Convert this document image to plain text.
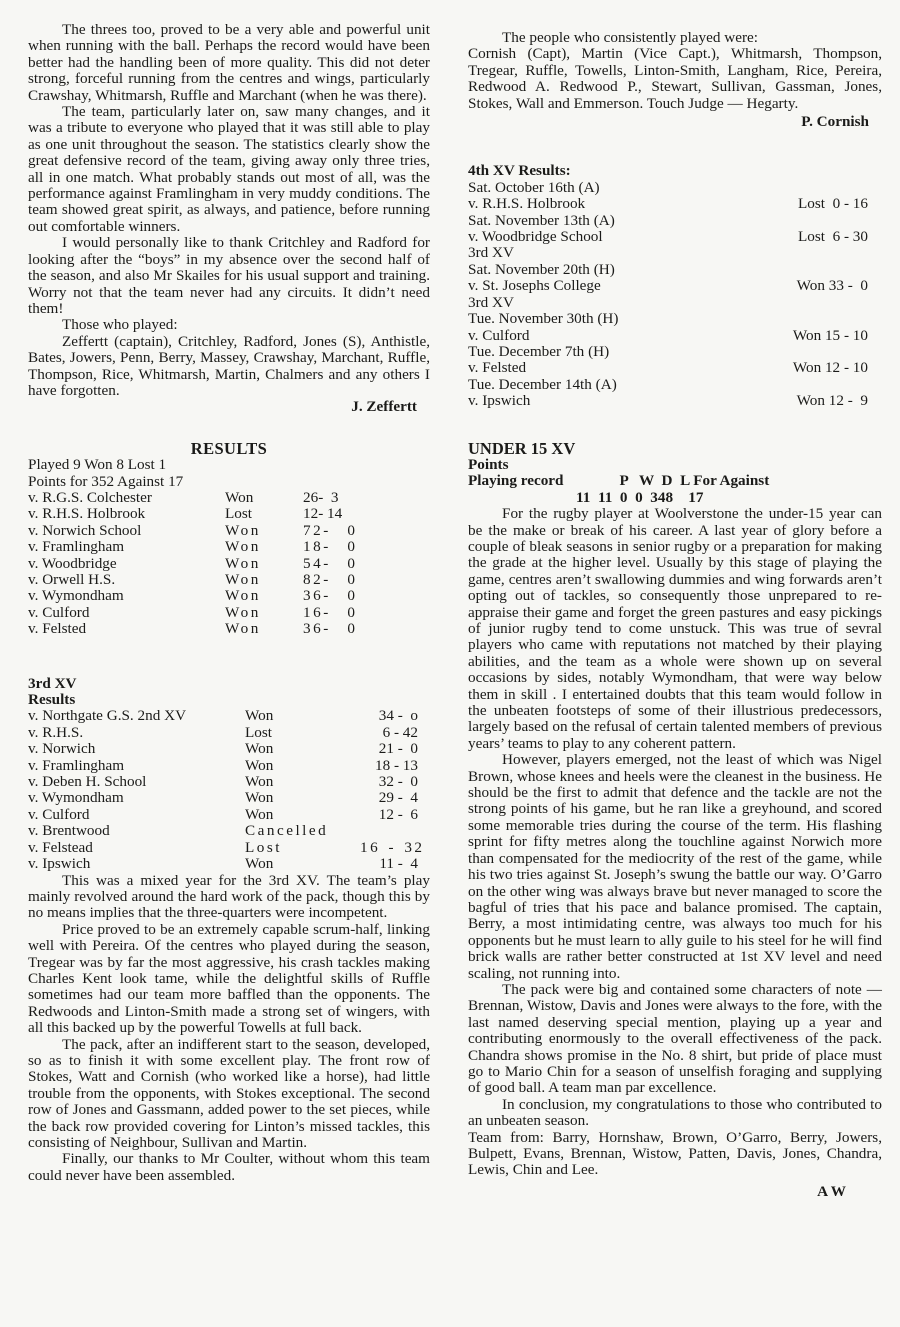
The threes too, proved to be a very able and powerful unit when running with the ball. Perhaps the record would have been better had the handling been of more quality. This did not deter strong, forceful running from the centres and wings, particularly Crawshay, Whitmarsh, Ruffle and Marchant (when he was there).

The team, particularly later on, saw many changes, and it was a tribute to everyone who played that it was still able to play as one unit throughout the season. The statistics clearly show the great defensive record of the team, giving away only three tries, all in one match. What probably stands out most of all, was the performance against Framlingham in very muddy conditions. The team showed great spirit, as always, and patience, before running out comfortable winners.

I would personally like to thank Critchley and Radford for looking after the “boys” in my absence over the second half of the season, and also Mr Skailes for his usual support and training. Worry not that the team never had any circuits. It didn’t need them!

Those who played:

Zeffertt (captain), Critchley, Radford, Jones (S), Anthistle, Bates, Jowers, Penn, Berry, Massey, Crawshay, Marchant, Ruffle, Thompson, Rice, Whitmarsh, Martin, Chalmers and any others I have forgotten.

J. Zeffertt
RESULTS
Played 9 Won 8 Lost 1
Points for 352 Against 17
v. R.G.S. Colchester	Won	26-  3
v. R.H.S. Holbrook	Lost	12- 14
v. Norwich School	Won	72-  0
v. Framlingham	Won	18-  0
v. Woodbridge	Won	54-  0
v. Orwell H.S.	Won	82-  0
v. Wymondham	Won	36-  0
v. Culford	Won	16-  0
v. Felsted	Won	36-  0
3rd XV
Results
v. Northgate G.S. 2nd XV	Won	34 -  o
v. R.H.S.	Lost	6 - 42
v. Norwich	Won	21 -  0
v. Framlingham	Won	18 - 13
v. Deben H. School	Won	32 -  0
v. Wymondham	Won	29 -  4
v. Culford	Won	12 -  6
v. Brentwood	Cancelled
v. Felstead	Lost	16 - 32
v. Ipswich	Won	11 -  4

This was a mixed year for the 3rd XV. The team’s play mainly revolved around the hard work of the pack, though this by no means implies that the three-quarters were incompetent.

Price proved to be an extremely capable scrum-half, linking well with Pereira. Of the centres who played during the season, Tregear was by far the most aggressive, his crash tackles making Charles Kent look tame, while the delightful skills of Ruffle sometimes had our team more baffled than the opponents. The Redwoods and Linton-Smith made a strong set of wingers, with all this backed up by the powerful Towells at full back.

The pack, after an indifferent start to the season, developed, so as to finish it with some excellent play. The front row of Stokes, Watt and Cornish (who worked like a horse), had little trouble from the opponents, with Stokes exceptional. The second row of Jones and Gassmann, added power to the set pieces, while the back row provided covering for Linton’s missed tackles, this consisting of Neighbour, Sullivan and Martin.

Finally, our thanks to Mr Coulter, without whom this team could never have been assembled.

The people who consistently played were:

Cornish (Capt), Martin (Vice Capt.), Whitmarsh, Thompson, Tregear, Ruffle, Towells, Linton-Smith, Langham, Rice, Pereira, Redwood A. Redwood P., Stewart, Sullivan, Gassman, Jones, Stokes, Wall and Emmerson. Touch Judge — Hegarty.

P. Cornish
4th XV Results:
Sat. October 16th (A)
v. R.H.S. Holbrook	Lost  0 - 16
Sat. November 13th (A)
v. Woodbridge School	Lost  6 - 30
3rd XV
Sat. November 20th (H)
v. St. Josephs College	Won 33 -  0
3rd XV
Tue. November 30th (H)
v. Culford	Won 15 - 10
Tue. December 7th (H)
v. Felsted	Won 12 - 10
Tue. December 14th (A)
v. Ipswich	Won 12 -  9
UNDER 15 XV
Points
Playing record	P   W  D  L For Against
11  11  0  0  348    17

For the rugby player at Woolverstone the under-15 year can be the make or break of his career. A last year of glory before a couple of bleak seasons in senior rugby or a preparation for making the grade at the higher level. Usually by this stage of playing the game, centres aren’t swallowing dummies and wing forwards aren’t opting out of tackles, so consequently those unprepared to re-appraise their game and forget the green pastures and easy pickings of junior rugby tend to come unstuck. This was true of sevral players who came with reputations not matched by their playing abilities, and the team as a whole were shown up on several occasions by sides, notably Wymondham, that were way below them in skill . I entertained doubts that this team would follow in the unbeaten footsteps of some of their illustrious predecessors, largely based on the refusal of certain talented members of previous years’ teams to play to any coherent pattern.

However, players emerged, not the least of which was Nigel Brown, whose knees and heels were the cleanest in the business. He should be the first to admit that defence and the tackle are not the strong points of his game, but he ran like a greyhound, and scored some memorable tries during the course of the term. His flashing sprint for fifty metres along the touchline against Norwich more than compensated for the mediocrity of the rest of the game, while his two tries against St. Joseph’s swung the battle our way. O’Garro on the other wing was always brave but never managed to score the bagful of tries that his pace and balance promised. The captain, Berry, a most intimidating centre, was always too much for his opponents but he must learn to ally guile to his steel for he will find brick walls are rather better constructed at 1st XV level and need scaling, not running into.

The pack were big and contained some characters of note — Brennan, Wistow, Davis and Jones were always to the fore, with the last named deserving special mention, playing up a year and contributing enormously to the overall effectiveness of the pack. Chandra shows promise in the No. 8 shirt, but pride of place must go to Mario Chin for a season of unselfish foraging and supplying of good ball. A team man par excellence.

In conclusion, my congratulations to those who contributed to an unbeaten season.

Team from: Barry, Hornshaw, Brown, O’Garro, Berry, Jowers, Bulpett, Evans, Brennan, Wistow, Patten, Davis, Jones, Chandra, Lewis, Chin and Lee.

A W
